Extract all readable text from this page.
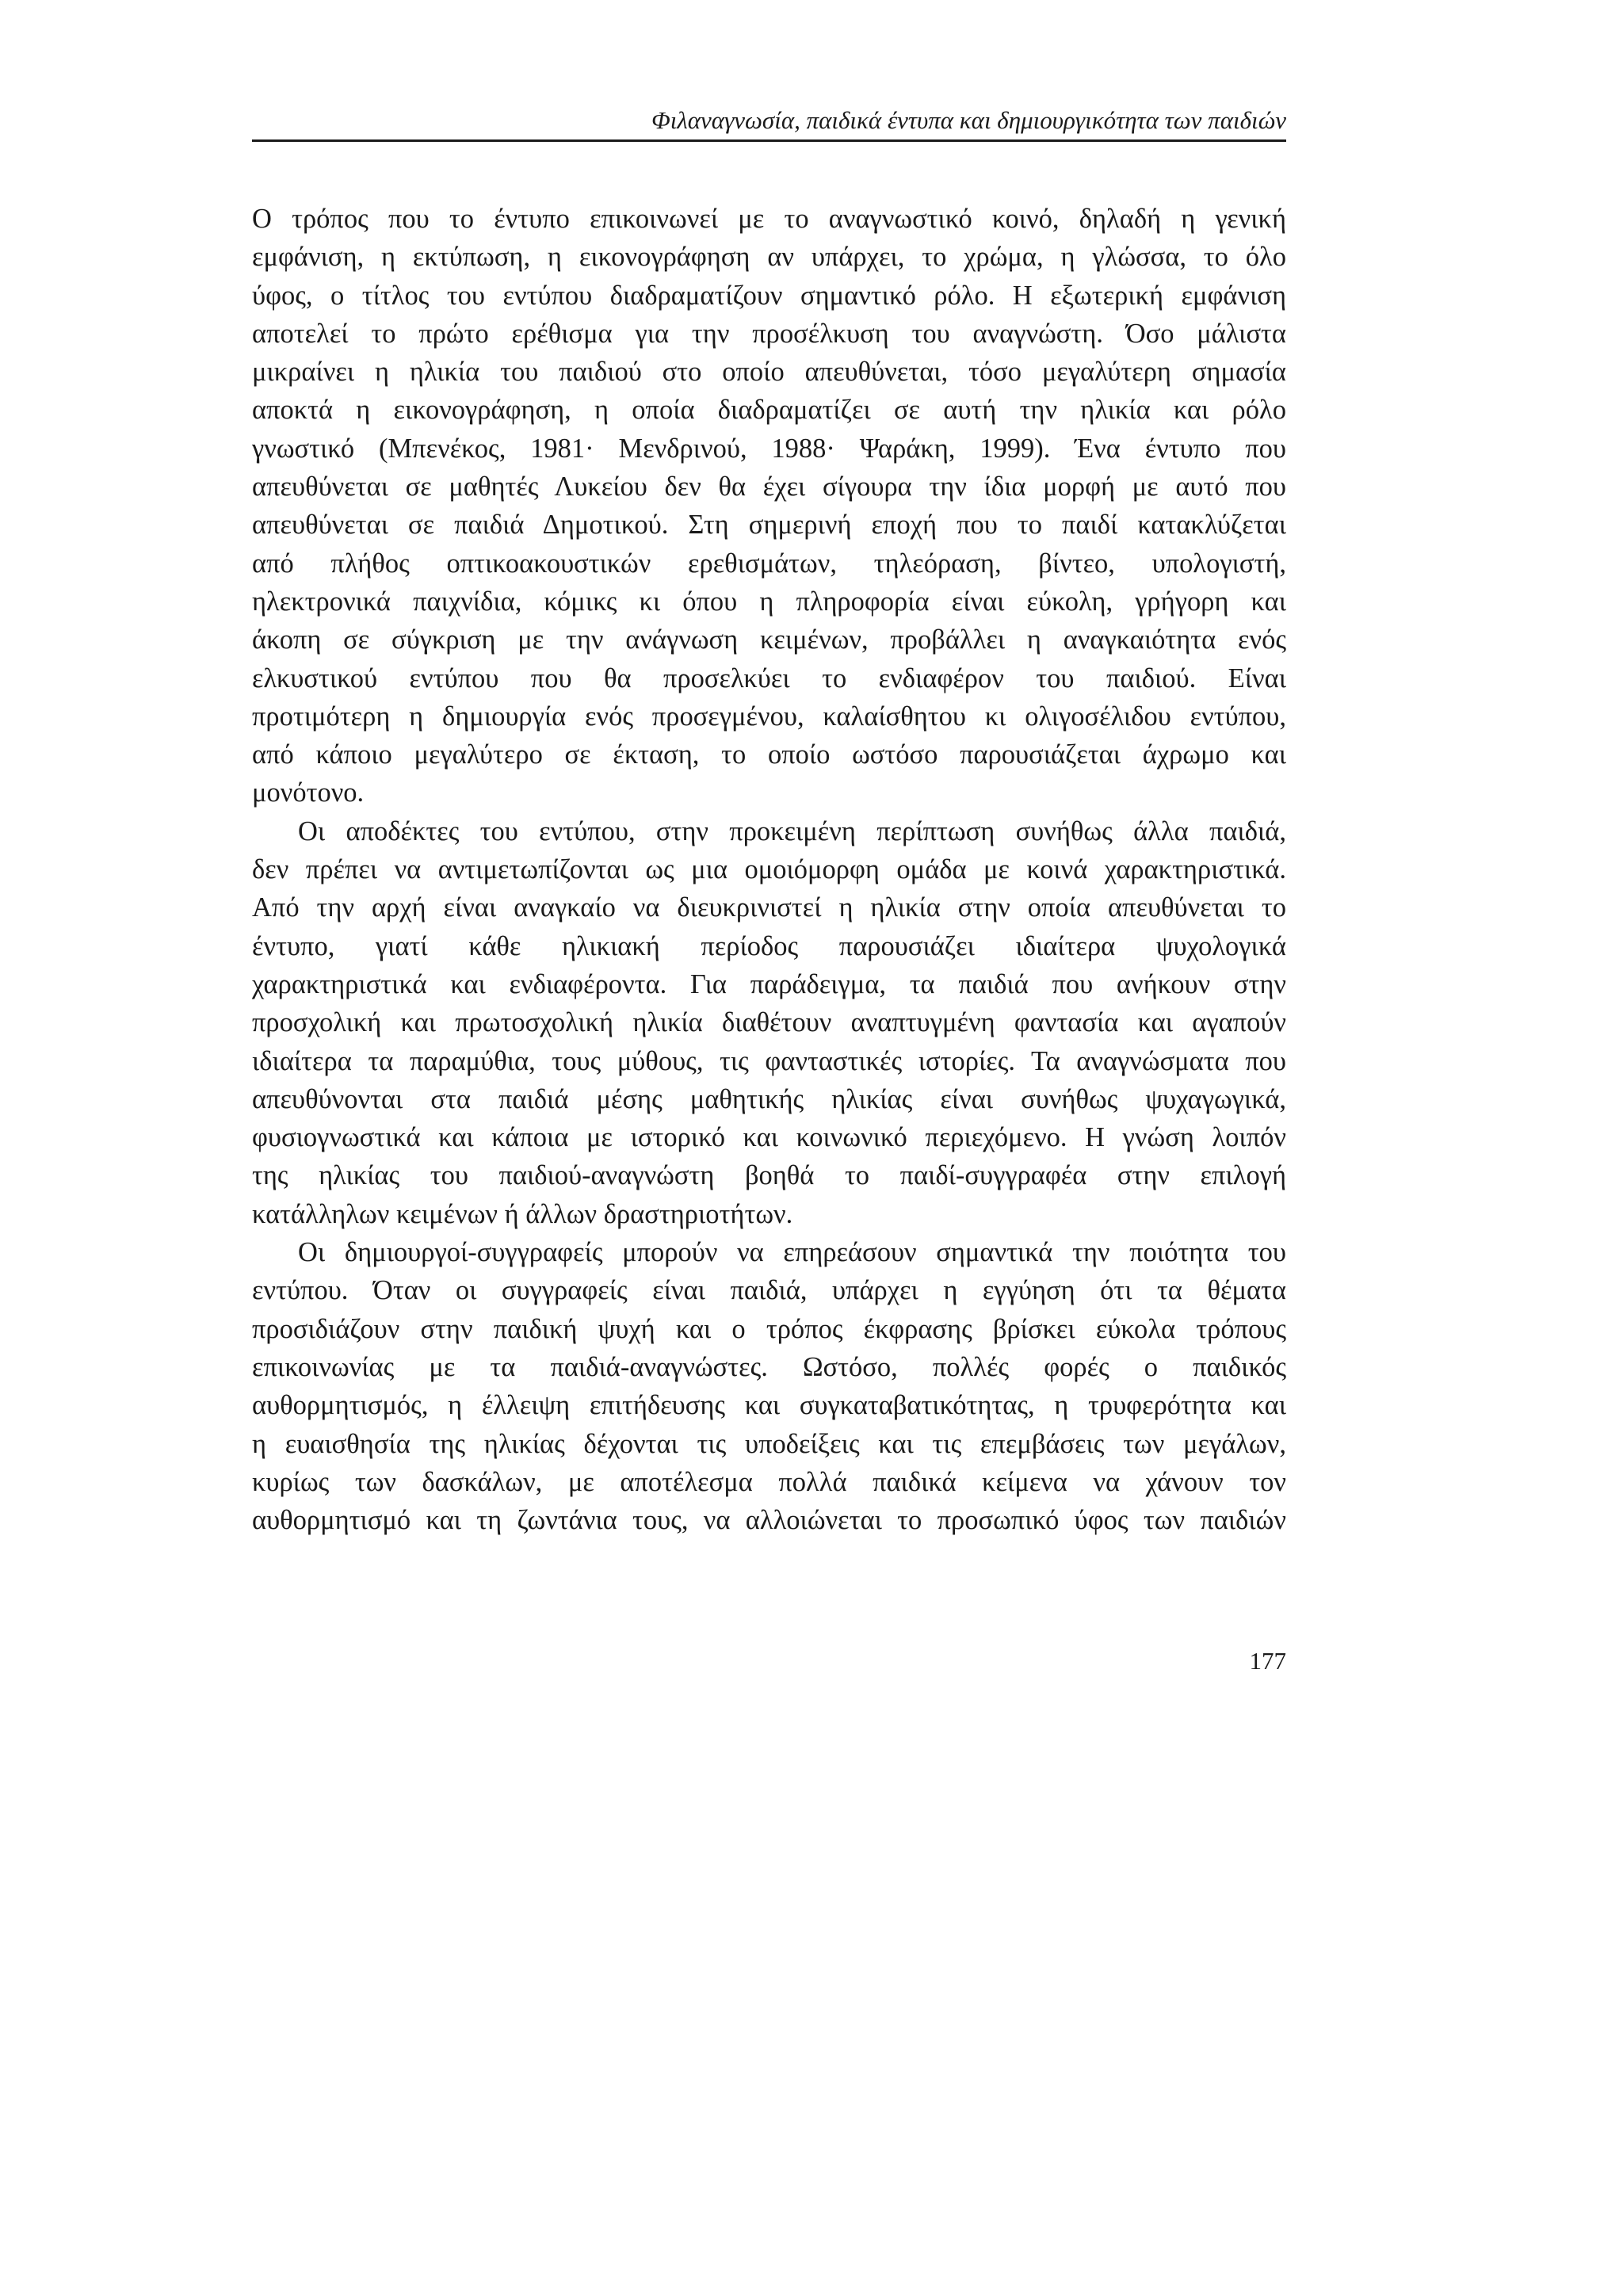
Φιλαναγνωσία, παιδικά έντυπα και δημιουργικότητα των παιδιών
Ο τρόπος που το έντυπο επικοινωνεί με το αναγνωστικό κοινό, δηλαδή η γενική
εμφάνιση, η εκτύπωση, η εικονογράφηση αν υπάρχει, το χρώμα, η γλώσσα, το όλο
ύφος, ο τίτλος του εντύπου διαδραματίζουν σημαντικό ρόλο. Η εξωτερική εμφάνιση
αποτελεί το πρώτο ερέθισμα για την προσέλκυση του αναγνώστη. Όσο μάλιστα
μικραίνει η ηλικία του παιδιού στο οποίο απευθύνεται, τόσο μεγαλύτερη σημασία
αποκτά η εικονογράφηση, η οποία διαδραματίζει σε αυτή την ηλικία και ρόλο
γνωστικό (Μπενέκος, 1981· Μενδρινού, 1988· Ψαράκη, 1999). Ένα έντυπο που
απευθύνεται σε μαθητές Λυκείου δεν θα έχει σίγουρα την ίδια μορφή με αυτό που
απευθύνεται σε παιδιά Δημοτικού. Στη σημερινή εποχή που το παιδί κατακλύζεται
από πλήθος οπτικοακουστικών ερεθισμάτων, τηλεόραση, βίντεο, υπολογιστή,
ηλεκτρονικά παιχνίδια, κόμικς κι όπου η πληροφορία είναι εύκολη, γρήγορη και
άκοπη σε σύγκριση με την ανάγνωση κειμένων, προβάλλει η αναγκαιότητα ενός
ελκυστικού εντύπου που θα προσελκύει το ενδιαφέρον του παιδιού. Είναι
προτιμότερη η δημιουργία ενός προσεγμένου, καλαίσθητου κι ολιγοσέλιδου εντύπου,
από κάποιο μεγαλύτερο σε έκταση, το οποίο ωστόσο παρουσιάζεται άχρωμο και
μονότονο.
Οι αποδέκτες του εντύπου, στην προκειμένη περίπτωση συνήθως άλλα παιδιά,
δεν πρέπει να αντιμετωπίζονται ως μια ομοιόμορφη ομάδα με κοινά χαρακτηριστικά.
Από την αρχή είναι αναγκαίο να διευκρινιστεί η ηλικία στην οποία απευθύνεται το
έντυπο, γιατί κάθε ηλικιακή περίοδος παρουσιάζει ιδιαίτερα ψυχολογικά
χαρακτηριστικά και ενδιαφέροντα. Για παράδειγμα, τα παιδιά που ανήκουν στην
προσχολική και πρωτοσχολική ηλικία διαθέτουν αναπτυγμένη φαντασία και αγαπούν
ιδιαίτερα τα παραμύθια, τους μύθους, τις φανταστικές ιστορίες. Τα αναγνώσματα που
απευθύνονται στα παιδιά μέσης μαθητικής ηλικίας είναι συνήθως ψυχαγωγικά,
φυσιογνωστικά και κάποια με ιστορικό και κοινωνικό περιεχόμενο. Η γνώση λοιπόν
της ηλικίας του παιδιού-αναγνώστη βοηθά το παιδί-συγγραφέα στην επιλογή
κατάλληλων κειμένων ή άλλων δραστηριοτήτων.
Οι δημιουργοί-συγγραφείς μπορούν να επηρεάσουν σημαντικά την ποιότητα του
εντύπου. Όταν οι συγγραφείς είναι παιδιά, υπάρχει η εγγύηση ότι τα θέματα
προσιδιάζουν στην παιδική ψυχή και ο τρόπος έκφρασης βρίσκει εύκολα τρόπους
επικοινωνίας με τα παιδιά-αναγνώστες. Ωστόσο, πολλές φορές ο παιδικός
αυθορμητισμός, η έλλειψη επιτήδευσης και συγκαταβατικότητας, η τρυφερότητα και
η ευαισθησία της ηλικίας δέχονται τις υποδείξεις και τις επεμβάσεις των μεγάλων,
κυρίως των δασκάλων, με αποτέλεσμα πολλά παιδικά κείμενα να χάνουν τον
αυθορμητισμό και τη ζωντάνια τους, να αλλοιώνεται το προσωπικό ύφος των παιδιών
177
